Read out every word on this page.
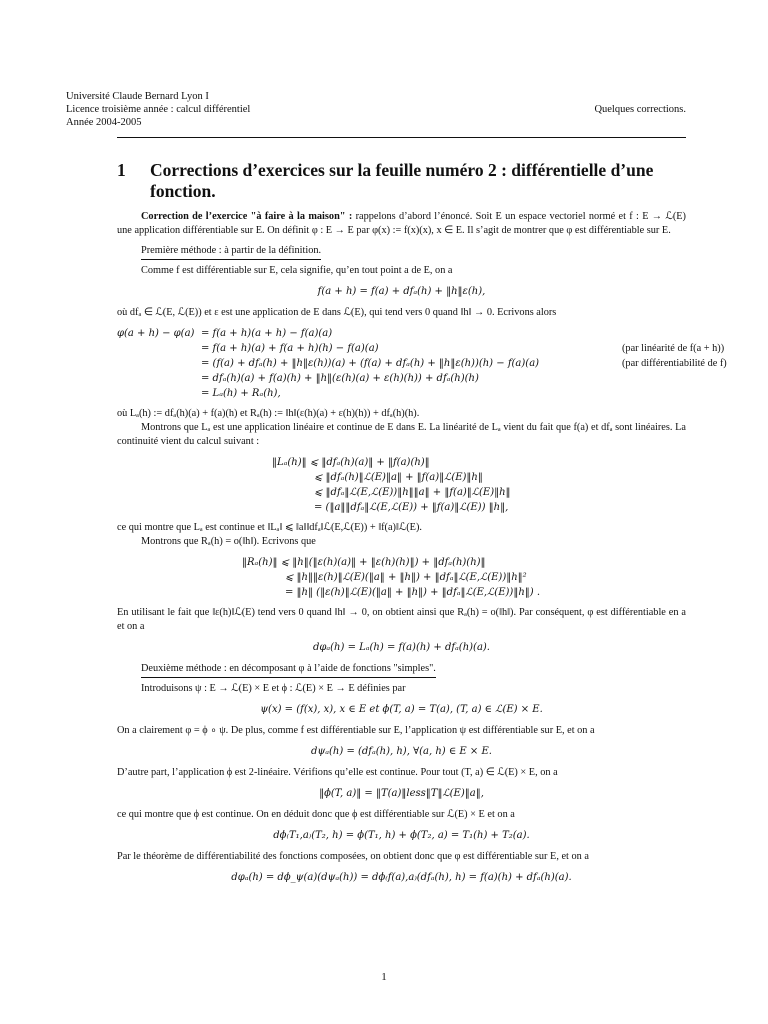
Université Claude Bernard Lyon I
Licence troisième année : calcul différentiel
Année 2004-2005
Quelques corrections.
1 Corrections d’exercices sur la feuille numéro 2 : différentielle d’une fonction.

Correction de l’exercice "à faire à la maison" : rappelons d’abord l’énoncé. Soit E un espace vectoriel normé et f : E → ℒ(E) une application différentiable sur E. On définit φ : E → E par φ(x) := f(x)(x), x ∈ E. Il s’agit de montrer que φ est différentiable sur E.

Première méthode : à partir de la définition.

Comme f est différentiable sur E, cela signifie, qu’en tout point a de E, on a

f(a + h) = f(a) + dfₐ(h) + ‖h‖ε(h),

où dfₐ ∈ ℒ(E, ℒ(E)) et ε est une application de E dans ℒ(E), qui tend vers 0 quand ‖h‖ → 0. Ecrivons alors

φ(a + h) − φ(a) = f(a + h)(a + h) − f(a)(a)
= f(a + h)(a) + f(a + h)(h) − f(a)(a)	(par linéarité de f(a + h))
= (f(a) + dfₐ(h) + ‖h‖ε(h))(a) + (f(a) + dfₐ(h) + ‖h‖ε(h))(h) − f(a)(a)	(par différentiabilité de f)
= dfₐ(h)(a) + f(a)(h) + ‖h‖(ε(h)(a) + ε(h)(h)) + dfₐ(h)(h)
= Lₐ(h) + Rₐ(h),

où Lₐ(h) := dfₐ(h)(a) + f(a)(h) et Rₐ(h) := ‖h‖(ε(h)(a) + ε(h)(h)) + dfₐ(h)(h).

Montrons que Lₐ est une application linéaire et continue de E dans E. La linéarité de Lₐ vient du fait que f(a) et dfₐ sont linéaires. La continuité vient du calcul suivant :

‖Lₐ(h)‖ ⩽ ‖dfₐ(h)(a)‖ + ‖f(a)(h)‖
⩽ ‖dfₐ(h)‖ℒ(E)‖a‖ + ‖f(a)‖ℒ(E)‖h‖
⩽ ‖dfₐ‖ℒ(E,ℒ(E))‖h‖‖a‖ + ‖f(a)‖ℒ(E)‖h‖
= (‖a‖‖dfₐ‖ℒ(E,ℒ(E)) + ‖f(a)‖ℒ(E)) ‖h‖,

ce qui montre que Lₐ est continue et ‖Lₐ‖ ⩽ ‖a‖‖dfₐ‖ℒ(E,ℒ(E)) + ‖f(a)‖ℒ(E).

Montrons que Rₐ(h) = o(‖h‖). Ecrivons que

‖Rₐ(h)‖ ⩽ ‖h‖(‖ε(h)(a)‖ + ‖ε(h)(h)‖) + ‖dfₐ(h)(h)‖
⩽ ‖h‖‖ε(h)‖ℒ(E)(‖a‖ + ‖h‖) + ‖dfₐ‖ℒ(E,ℒ(E))‖h‖²
= ‖h‖ (‖ε(h)‖ℒ(E)(‖a‖ + ‖h‖) + ‖dfₐ‖ℒ(E,ℒ(E))‖h‖) .

En utilisant le fait que ‖ε(h)‖ℒ(E) tend vers 0 quand ‖h‖ → 0, on obtient ainsi que Rₐ(h) = o(‖h‖). Par conséquent, φ est différentiable en a et on a

dφₐ(h) = Lₐ(h) = f(a)(h) + dfₐ(h)(a).
Deuxième méthode : en décomposant φ à l’aide de fonctions "simples".

Introduisons ψ : E → ℒ(E) × E et ϕ : ℒ(E) × E → E définies par

ψ(x) = (f(x), x), x ∈ E et ϕ(T, a) = T(a), (T, a) ∈ ℒ(E) × E.

On a clairement φ = ϕ ∘ ψ. De plus, comme f est différentiable sur E, l’application ψ est différentiable sur E, et on a

dψₐ(h) = (dfₐ(h), h), ∀(a, h) ∈ E × E.

D’autre part, l’application ϕ est 2-linéaire. Vérifions qu’elle est continue. Pour tout (T, a) ∈ ℒ(E) × E, on a

‖ϕ(T, a)‖ = ‖T(a)‖less‖T‖ℒ(E)‖a‖,

ce qui montre que ϕ est continue. On en déduit donc que ϕ est différentiable sur ℒ(E) × E et on a

dϕ₍T₁,a₎(T₂, h) = ϕ(T₁, h) + ϕ(T₂, a) = T₁(h) + T₂(a).

Par le théorème de différentiabilité des fonctions composées, on obtient donc que φ est différentiable sur E, et on a

dφₐ(h) = dϕ_ψ(a)(dψₐ(h)) = dϕ₍f(a),a₎(dfₐ(h), h) = f(a)(h) + dfₐ(h)(a).
1
